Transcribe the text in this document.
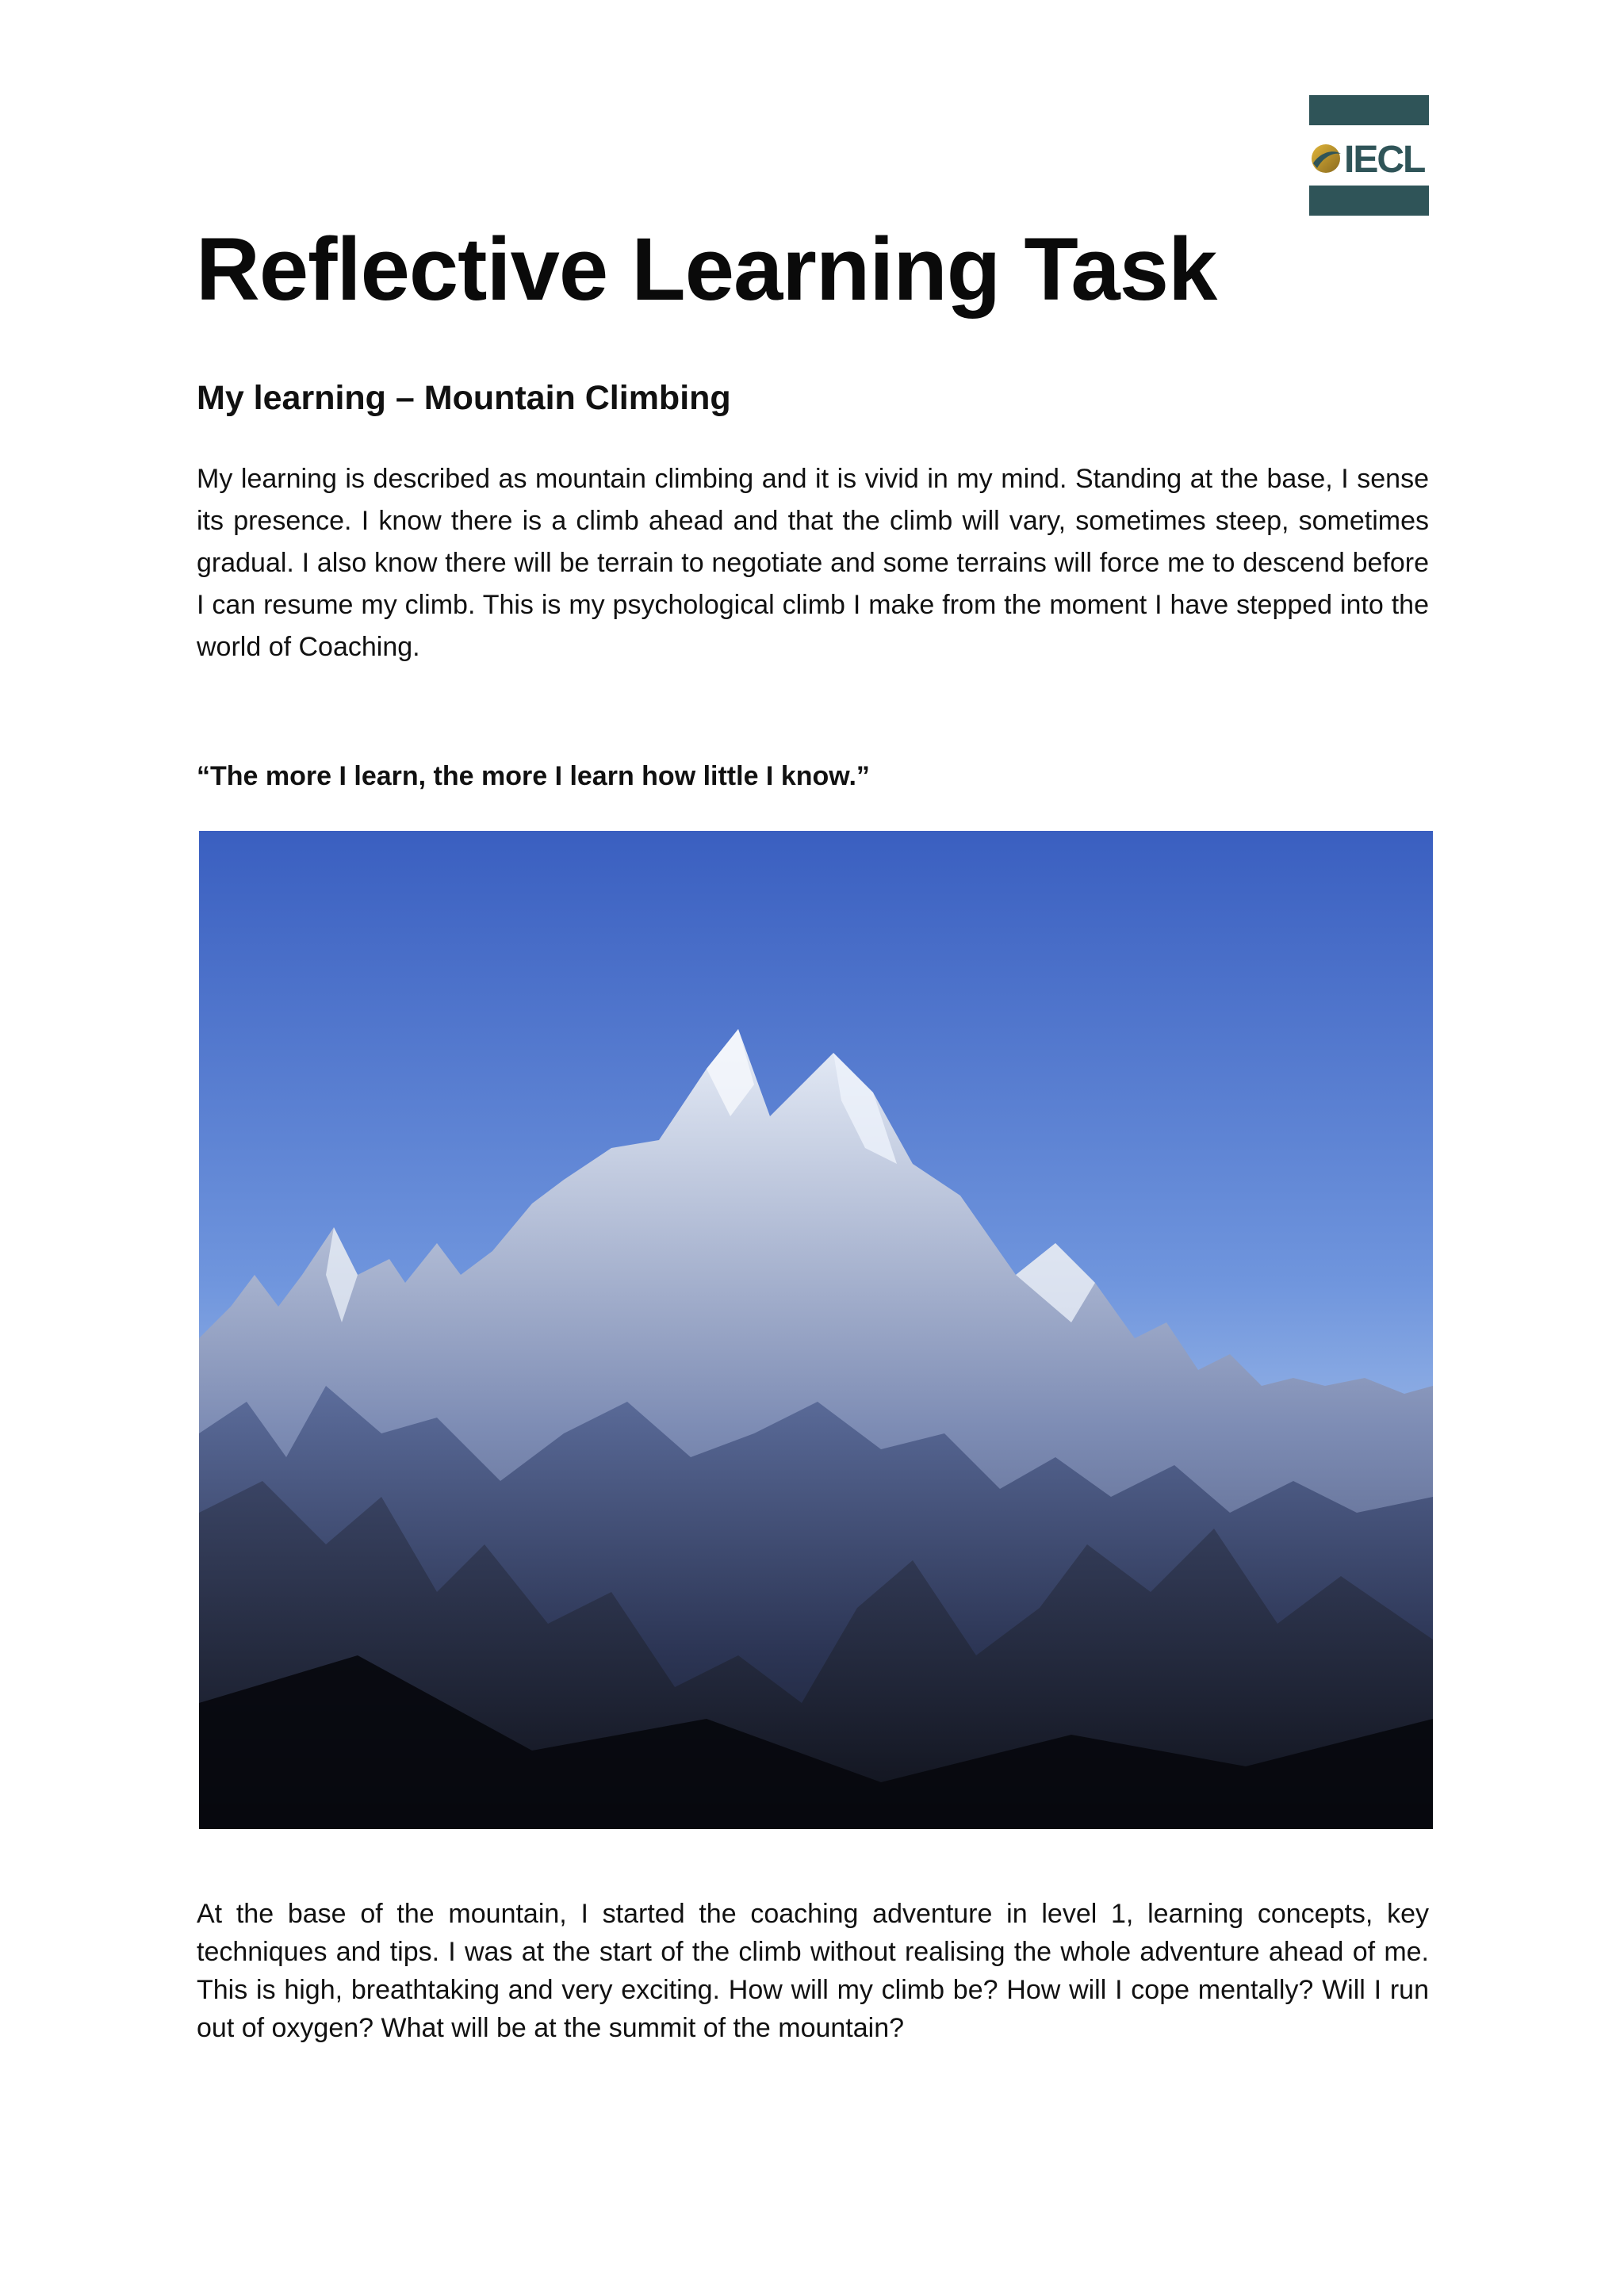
IECL
Reflective Learning Task
My learning – Mountain Climbing

My learning is described as mountain climbing and it is vivid in my mind. Standing at the base, I sense its presence. I know there is a climb ahead and that the climb will vary, sometimes steep, sometimes gradual. I also know there will be terrain to negotiate and some terrains will force me to descend before I can resume my climb. This is my psychological climb I make from the moment I have stepped into the world of Coaching.

“The more I learn, the more I learn how little I know.”

At the base of the mountain, I started the coaching adventure in level 1, learning concepts, key techniques and tips. I was at the start of the climb without realising the whole adventure ahead of me. This is high, breathtaking and very exciting. How will my climb be? How will I cope mentally? Will I run out of oxygen? What will be at the summit of the mountain?
